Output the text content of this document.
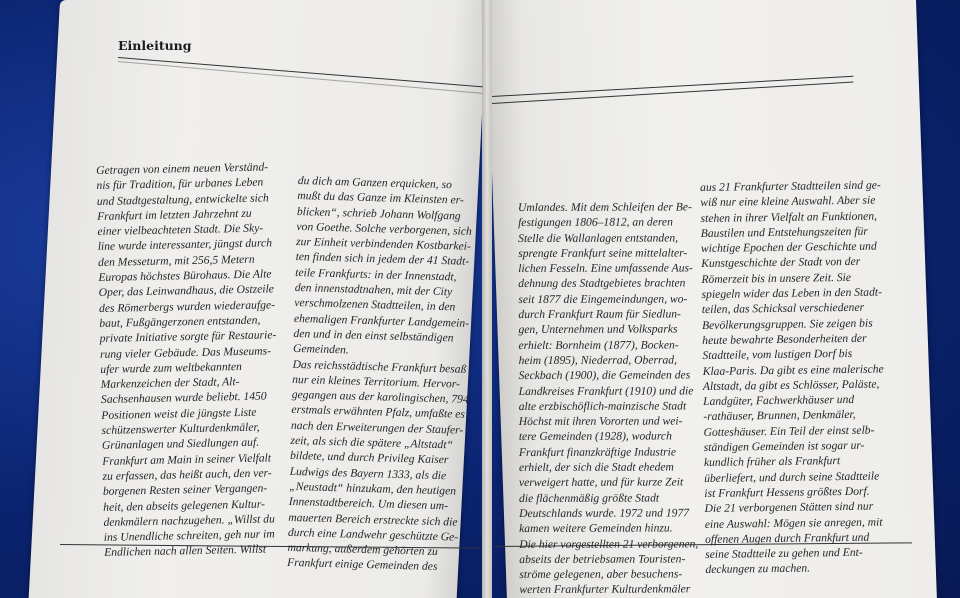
Einleitung
Getragen von einem neuen Verständ-
nis für Tradition, für urbanes Leben
und Stadtgestaltung, entwickelte sich
Frankfurt im letzten Jahrzehnt zu
einer vielbeachteten Stadt. Die Sky-
line wurde interessanter, jüngst durch
den Messeturm, mit 256,5 Metern
Europas höchstes Bürohaus. Die Alte
Oper, das Leinwandhaus, die Ostzeile
des Römerbergs wurden wiederaufge-
baut, Fußgängerzonen entstanden,
private Initiative sorgte für Restaurie-
rung vieler Gebäude. Das Museums-
ufer wurde zum weltbekannten
Markenzeichen der Stadt, Alt-
Sachsenhausen wurde beliebt. 1450
Positionen weist die jüngste Liste
schützenswerter Kulturdenkmäler,
Grünanlagen und Siedlungen auf.
Frankfurt am Main in seiner Vielfalt
zu erfassen, das heißt auch, den ver-
borgenen Resten seiner Vergangen-
heit, den abseits gelegenen Kultur-
denkmälern nachzugehen. „Willst du
ins Unendliche schreiten, geh nur im
Endlichen nach allen Seiten. Willst
du dich am Ganzen erquicken, so
mußt du das Ganze im Kleinsten er-
blicken“, schrieb Johann Wolfgang
von Goethe. Solche verborgenen, sich
zur Einheit verbindenden Kostbarkei-
ten finden sich in jedem der 41 Stadt-
teile Frankfurts: in der Innenstadt,
den innenstadtnahen, mit der City
verschmolzenen Stadtteilen, in den
ehemaligen Frankfurter Landgemein-
den und in den einst selbständigen
Gemeinden.
Das reichsstädtische Frankfurt besaß
nur ein kleines Territorium. Hervor-
gegangen aus der karolingischen, 794
erstmals erwähnten Pfalz, umfaßte es
nach den Erweiterungen der Staufer-
zeit, als sich die spätere „Altstadt“
bildete, und durch Privileg Kaiser
Ludwigs des Bayern 1333, als die
„Neustadt“ hinzukam, den heutigen
Innenstadtbereich. Um diesen um-
mauerten Bereich erstreckte sich die
durch eine Landwehr geschützte Ge-
markung, außerdem gehörten zu
Frankfurt einige Gemeinden des
Umlandes. Mit dem Schleifen der Be-
festigungen 1806–1812, an deren
Stelle die Wallanlagen entstanden,
sprengte Frankfurt seine mittelalter-
lichen Fesseln. Eine umfassende Aus-
dehnung des Stadtgebietes brachten
seit 1877 die Eingemeindungen, wo-
durch Frankfurt Raum für Siedlun-
gen, Unternehmen und Volksparks
erhielt: Bornheim (1877), Bocken-
heim (1895), Niederrad, Oberrad,
Seckbach (1900), die Gemeinden des
Landkreises Frankfurt (1910) und die
alte erzbischöflich-mainzische Stadt
Höchst mit ihren Vororten und wei-
tere Gemeinden (1928), wodurch
Frankfurt finanzkräftige Industrie
erhielt, der sich die Stadt ehedem
verweigert hatte, und für kurze Zeit
die flächenmäßig größte Stadt
Deutschlands wurde. 1972 und 1977
kamen weitere Gemeinden hinzu.
Die hier vorgestellten 21 verborgenen,
abseits der betriebsamen Touristen-
ströme gelegenen, aber besuchens-
werten Frankfurter Kulturdenkmäler
aus 21 Frankfurter Stadtteilen sind ge-
wiß nur eine kleine Auswahl. Aber sie
stehen in ihrer Vielfalt an Funktionen,
Baustilen und Entstehungszeiten für
wichtige Epochen der Geschichte und
Kunstgeschichte der Stadt von der
Römerzeit bis in unsere Zeit. Sie
spiegeln wider das Leben in den Stadt-
teilen, das Schicksal verschiedener
Bevölkerungsgruppen. Sie zeigen bis
heute bewahrte Besonderheiten der
Stadtteile, vom lustigen Dorf bis
Klaa-Paris. Da gibt es eine malerische
Altstadt, da gibt es Schlösser, Paläste,
Landgüter, Fachwerkhäuser und
-rathäuser, Brunnen, Denkmäler,
Gotteshäuser. Ein Teil der einst selb-
ständigen Gemeinden ist sogar ur-
kundlich früher als Frankfurt
überliefert, und durch seine Stadtteile
ist Frankfurt Hessens größtes Dorf.
Die 21 verborgenen Stätten sind nur
eine Auswahl: Mögen sie anregen, mit
offenen Augen durch Frankfurt und
seine Stadtteile zu gehen und Ent-
deckungen zu machen.
